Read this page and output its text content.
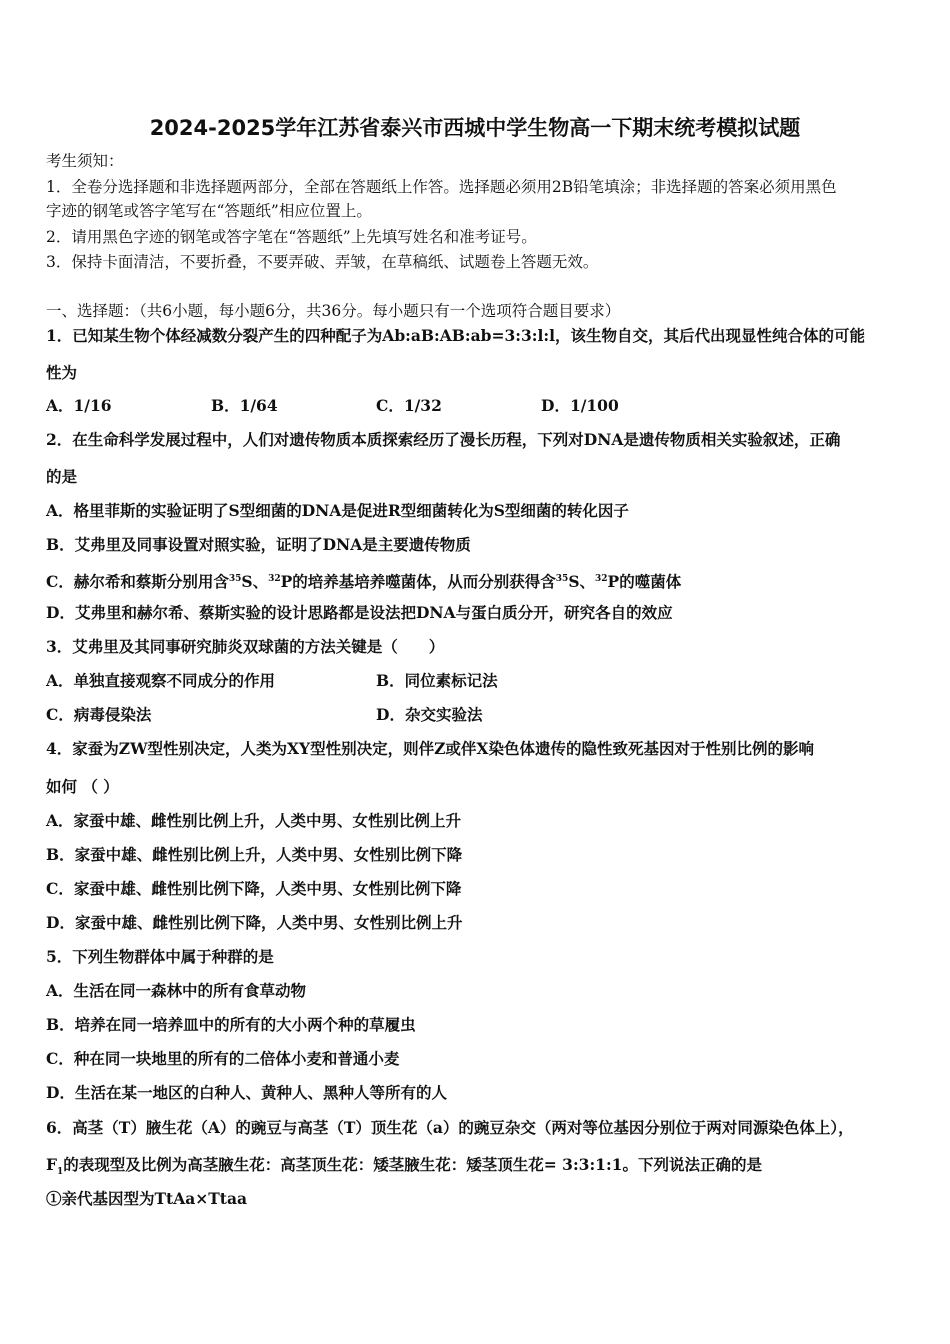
2024-2025学年江苏省泰兴市西城中学生物高一下期末统考模拟试题
考生须知：
1．全卷分选择题和非选择题两部分，全部在答题纸上作答。选择题必须用2B铅笔填涂；非选择题的答案必须用黑色
字迹的钢笔或答字笔写在“答题纸”相应位置上。
2．请用黑色字迹的钢笔或答字笔在“答题纸”上先填写姓名和准考证号。
3．保持卡面清洁，不要折叠，不要弄破、弄皱，在草稿纸、试题卷上答题无效。
一、选择题：（共6小题，每小题6分，共36分。每小题只有一个选项符合题目要求）
1．已知某生物个体经减数分裂产生的四种配子为Ab:aB:AB:ab=3:3:l:l，该生物自交，其后代出现显性纯合体的可能
性为
A．1/16	B．1/64	C．1/32	D．1/100
2．在生命科学发展过程中，人们对遗传物质本质探索经历了漫长历程，下列对DNA是遗传物质相关实验叙述，正确
的是
A．格里菲斯的实验证明了S型细菌的DNA是促进R型细菌转化为S型细菌的转化因子
B．艾弗里及同事设置对照实验，证明了DNA是主要遗传物质
C．赫尔希和蔡斯分别用含$^{35}$S、$^{32}$P的培养基培养噬菌体，从而分别获得含$^{35}$S、$^{32}$P的噬菌体
D．艾弗里和赫尔希、蔡斯实验的设计思路都是设法把DNA与蛋白质分开，研究各自的效应
3．艾弗里及其同事研究肺炎双球菌的方法关键是（　　）
A．单独直接观察不同成分的作用	B．同位素标记法
C．病毒侵染法	D．杂交实验法
4．家蚕为ZW型性别决定，人类为XY型性别决定，则伴Z或伴X染色体遗传的隐性致死基因对于性别比例的影响
如何 （ ）
A．家蚕中雄、雌性别比例上升，人类中男、女性别比例上升
B．家蚕中雄、雌性别比例上升，人类中男、女性别比例下降
C．家蚕中雄、雌性别比例下降，人类中男、女性别比例下降
D．家蚕中雄、雌性别比例下降，人类中男、女性别比例上升
5．下列生物群体中属于种群的是
A．生活在同一森林中的所有食草动物
B．培养在同一培养皿中的所有的大小两个种的草履虫
C．种在同一块地里的所有的二倍体小麦和普通小麦
D．生活在某一地区的白种人、黄种人、黑种人等所有的人
6．高茎（T）腋生花（A）的豌豆与高茎（T）顶生花（a）的豌豆杂交（两对等位基因分别位于两对同源染色体上），
$F_1$的表现型及比例为高茎腋生花：高茎顶生花：矮茎腋生花：矮茎顶生花= 3:3:1:1。下列说法正确的是
①亲代基因型为TtAa×Ttaa
